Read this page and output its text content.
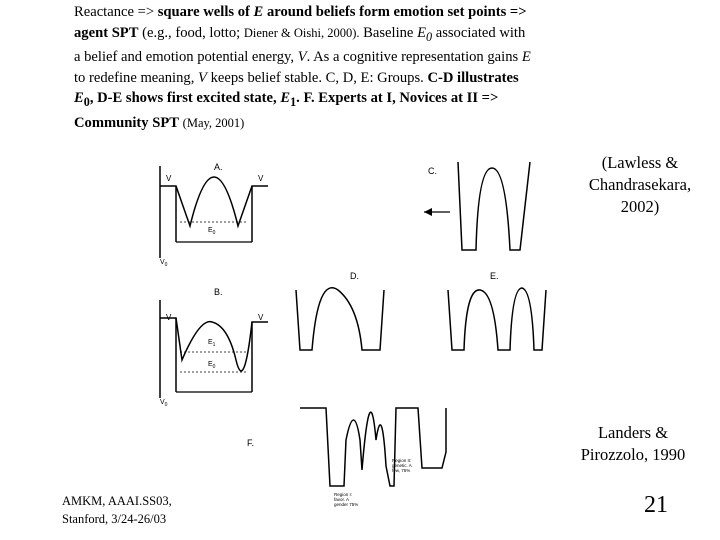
Reactance => square wells of E around beliefs form emotion set points =>
agent SPT (e.g., food, lotto; Diener & Oishi, 2000). Baseline $E_0$ associated with
a belief and emotion potential energy, V. As a cognitive representation gains E
to redefine meaning, V keeps belief stable. C, D, E: Groups. C-D illustrates
$E_0$, D-E shows first excited state, $E_1$. F. Experts at I, Novices at II =>
Community SPT (May, 2001)
(Lawless &
Chandrasekara,
2002)
Landers &
Pirozzolo, 1990
A.
V	V
$E_0$
$V_0$
C.
D.	E.
B.
V	V
$E_1$
$E_0$
$V_0$
F.
Region II: genetic. A few, 75%
Region I: favor. A gender 75%
AMKM, AAAI.SS03,
Stanford, 3/24-26/03
21
